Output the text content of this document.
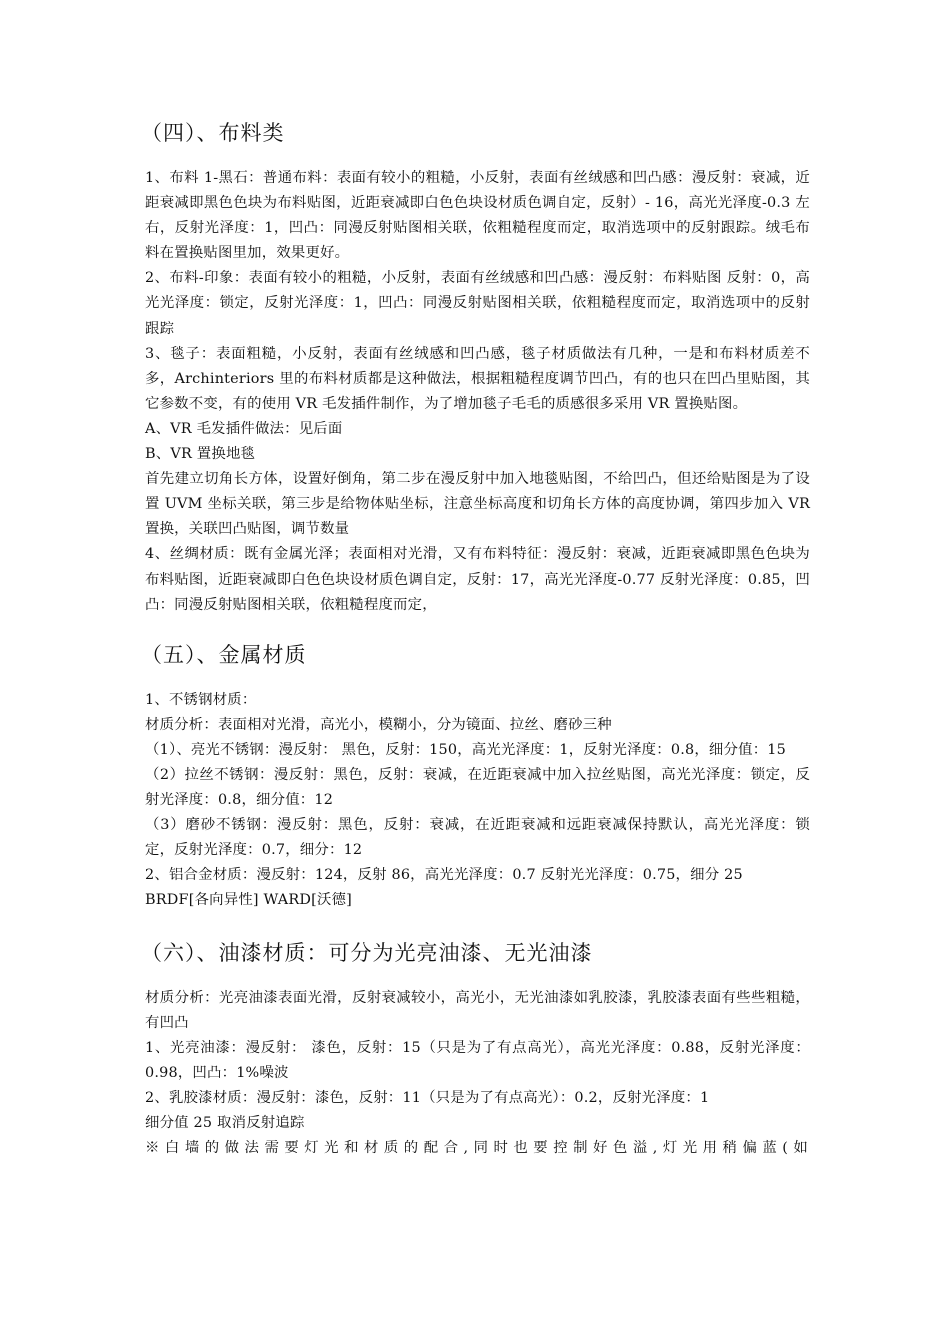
（四）、布料类

1、布料 1-黑石：普通布料：表面有较小的粗糙，小反射，表面有丝绒感和凹凸感：漫反射：衰减，近距衰减即黑色色块为布料贴图，近距衰减即白色色块设材质色调自定，反射）- 16，高光光泽度-0.3 左右，反射光泽度：1，凹凸：同漫反射贴图相关联，依粗糙程度而定，取消选项中的反射跟踪。绒毛布料在置换贴图里加，效果更好。

2、布料-印象：表面有较小的粗糙，小反射，表面有丝绒感和凹凸感：漫反射：布料贴图 反射：0，高光光泽度：锁定，反射光泽度：1，凹凸：同漫反射贴图相关联，依粗糙程度而定，取消选项中的反射跟踪

3、毯子：表面粗糙，小反射，表面有丝绒感和凹凸感，毯子材质做法有几种，一是和布料材质差不多，Archinteriors 里的布料材质都是这种做法，根据粗糙程度调节凹凸，有的也只在凹凸里贴图，其它参数不变，有的使用 VR 毛发插件制作，为了增加毯子毛毛的质感很多采用 VR 置换贴图。

A、VR 毛发插件做法：见后面

B、VR 置换地毯

首先建立切角长方体，设置好倒角，第二步在漫反射中加入地毯贴图，不给凹凸，但还给贴图是为了设置 UVM 坐标关联，第三步是给物体贴坐标，注意坐标高度和切角长方体的高度协调，第四步加入 VR 置换，关联凹凸贴图，调节数量

4、丝绸材质：既有金属光泽；表面相对光滑，又有布料特征：漫反射：衰减，近距衰减即黑色色块为布料贴图，近距衰减即白色色块设材质色调自定，反射：17，高光光泽度-0.77 反射光泽度：0.85，凹凸：同漫反射贴图相关联，依粗糙程度而定，

（五）、金属材质

1、不锈钢材质：

材质分析：表面相对光滑，高光小，模糊小，分为镜面、拉丝、磨砂三种

（1）、亮光不锈钢：漫反射： 黑色，反射：150，高光光泽度：1，反射光泽度：0.8，细分值：15

（2）拉丝不锈钢：漫反射：黑色，反射：衰减，在近距衰减中加入拉丝贴图，高光光泽度：锁定，反射光泽度：0.8，细分值：12

（3）磨砂不锈钢：漫反射：黑色，反射：衰减，在近距衰减和远距衰减保持默认，高光光泽度：锁定，反射光泽度：0.7，细分：12

2、铝合金材质：漫反射：124，反射 86，高光光泽度：0.7 反射光光泽度：0.75，细分 25

BRDF[各向异性] WARD[沃德]

（六）、油漆材质：可分为光亮油漆、无光油漆

材质分析：光亮油漆表面光滑，反射衰减较小，高光小，无光油漆如乳胶漆，乳胶漆表面有些些粗糙，有凹凸

1、光亮油漆：漫反射： 漆色，反射：15（只是为了有点高光），高光光泽度：0.88，反射光泽度：0.98，凹凸：1%噪波

2、乳胶漆材质：漫反射：漆色，反射：11（只是为了有点高光）：0.2，反射光泽度：1

细分值 25 取消反射追踪

※白墙的做法需要灯光和材质的配合,同时也要控制好色溢,灯光用稍偏蓝(如
